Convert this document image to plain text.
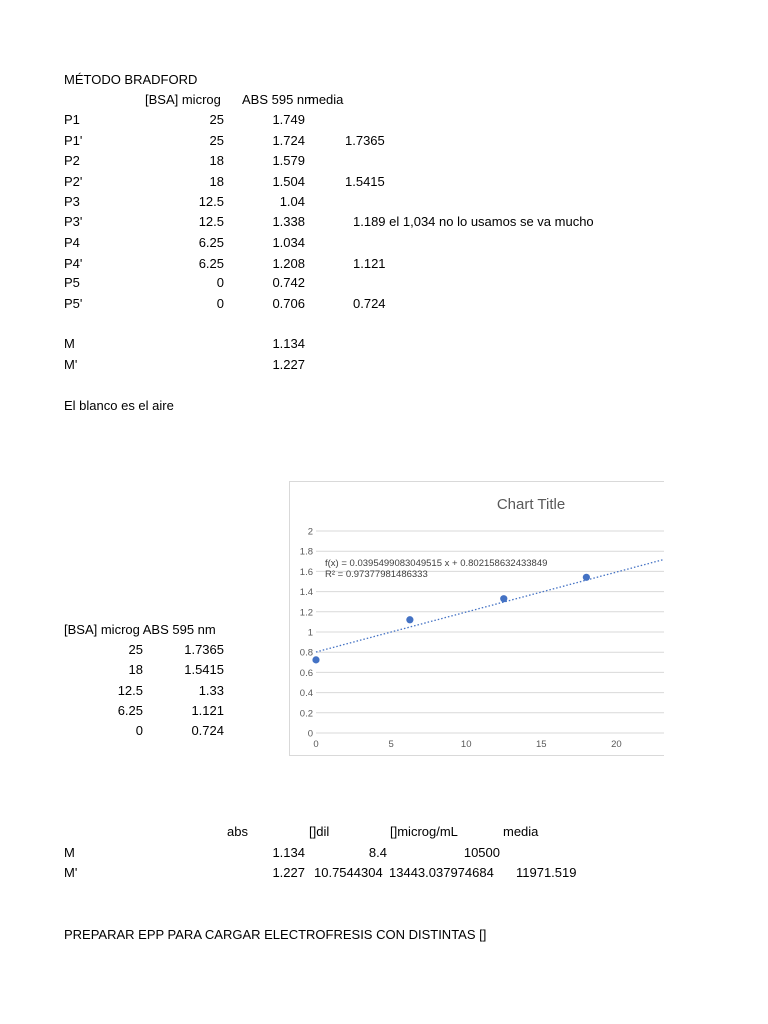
MÉTODO BRADFORD
[BSA] microg ABS 595 nm
media
P1	25	1.749
P1'	25	1.724	1.7365
P2	18	1.579
P2'	18	1.504	1.5415
P3	12.5	1.04
P3'	12.5	1.338	1.189 el 1,034 no lo usamos se va mucho
P4	6.25	1.034
P4'	6.25	1.208	1.121
P5	0	0.742
P5'	0	0.706	0.724
M	1.134
M'	1.227
El blanco es el aire
[BSA] microg ABS 595 nm
25	1.7365
18	1.5415
12.5	1.33
6.25	1.121
0	0.724
Chart Title
0
0.2
0.4
0.6
0.8
1
1.2
1.4
1.6
1.8
2
0	5	10	15	20
f(x) = 0.0395499083049515 x + 0.802158632433849
R² = 0.97377981486333
abs	[]dil	[]microg/mL	media
M	1.134	8.4	10500
M'	1.227 10.7544304 13443.037974684 11971.519
PREPARAR EPP PARA CARGAR ELECTROFRESIS CON DISTINTAS []
